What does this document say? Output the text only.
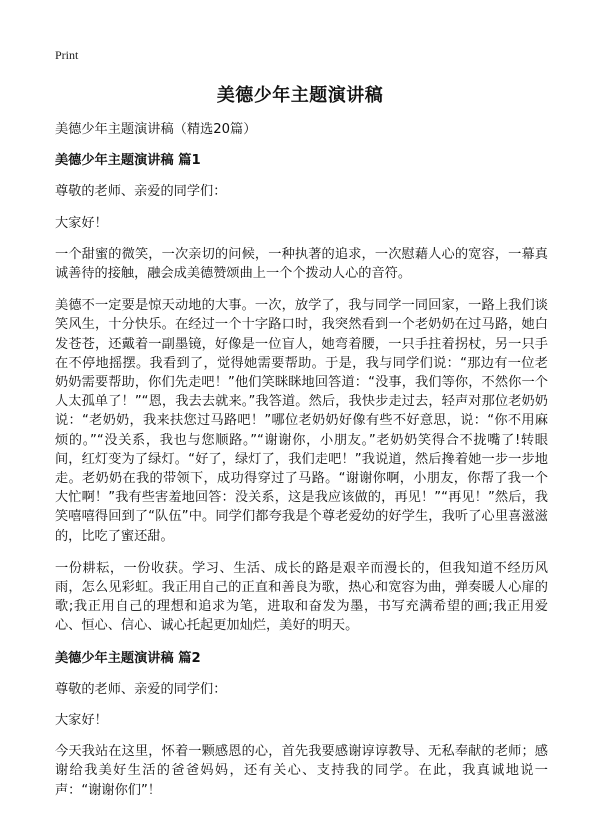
Print
美德少年主题演讲稿

美德少年主题演讲稿（精选20篇）

美德少年主题演讲稿 篇1

尊敬的老师、亲爱的同学们：

大家好！

一个甜蜜的微笑，一次亲切的问候，一种执著的追求，一次慰藉人心的宽容，一幕真诚善待的接触，融会成美德赞颂曲上一个个拨动人心的音符。

美德不一定要是惊天动地的大事。一次，放学了，我与同学一同回家，一路上我们谈笑风生，十分快乐。在经过一个十字路口时，我突然看到一个老奶奶在过马路，她白发苍苍，还戴着一副墨镜，好像是一位盲人，她弯着腰，一只手拄着拐杖，另一只手在不停地摇摆。我看到了，觉得她需要帮助。于是，我与同学们说：“那边有一位老奶奶需要帮助，你们先走吧！”他们笑眯眯地回答道：“没事，我们等你，不然你一个人太孤单了！”“恩，我去去就来。”我答道。然后，我快步走过去，轻声对那位老奶奶说：“老奶奶，我来扶您过马路吧！”哪位老奶奶好像有些不好意思，说：“你不用麻烦的。”“没关系，我也与您顺路。”“谢谢你，小朋友。”老奶奶笑得合不拢嘴了!转眼间，红灯变为了绿灯。“好了，绿灯了，我们走吧！”我说道，然后搀着她一步一步地走。老奶奶在我的带领下，成功得穿过了马路。“谢谢你啊，小朋友，你帮了我一个大忙啊！”我有些害羞地回答：没关系，这是我应该做的，再见！”“再见！”然后，我笑嘻嘻得回到了“队伍”中。同学们都夸我是个尊老爱幼的好学生，我听了心里喜滋滋的，比吃了蜜还甜。

一份耕耘，一份收获。学习、生活、成长的路是艰辛而漫长的，但我知道不经历风雨，怎么见彩虹。我正用自己的正直和善良为歌，热心和宽容为曲，弹奏暖人心扉的歌;我正用自己的理想和追求为笔，进取和奋发为墨，书写充满希望的画;我正用爱心、恒心、信心、诚心托起更加灿烂，美好的明天。

美德少年主题演讲稿 篇2

尊敬的老师、亲爱的同学们：

大家好！

今天我站在这里，怀着一颗感恩的心，首先我要感谢谆谆教导、无私奉献的老师；感谢给我美好生活的爸爸妈妈，还有关心、支持我的同学。在此，我真诚地说一声：“谢谢你们”！
